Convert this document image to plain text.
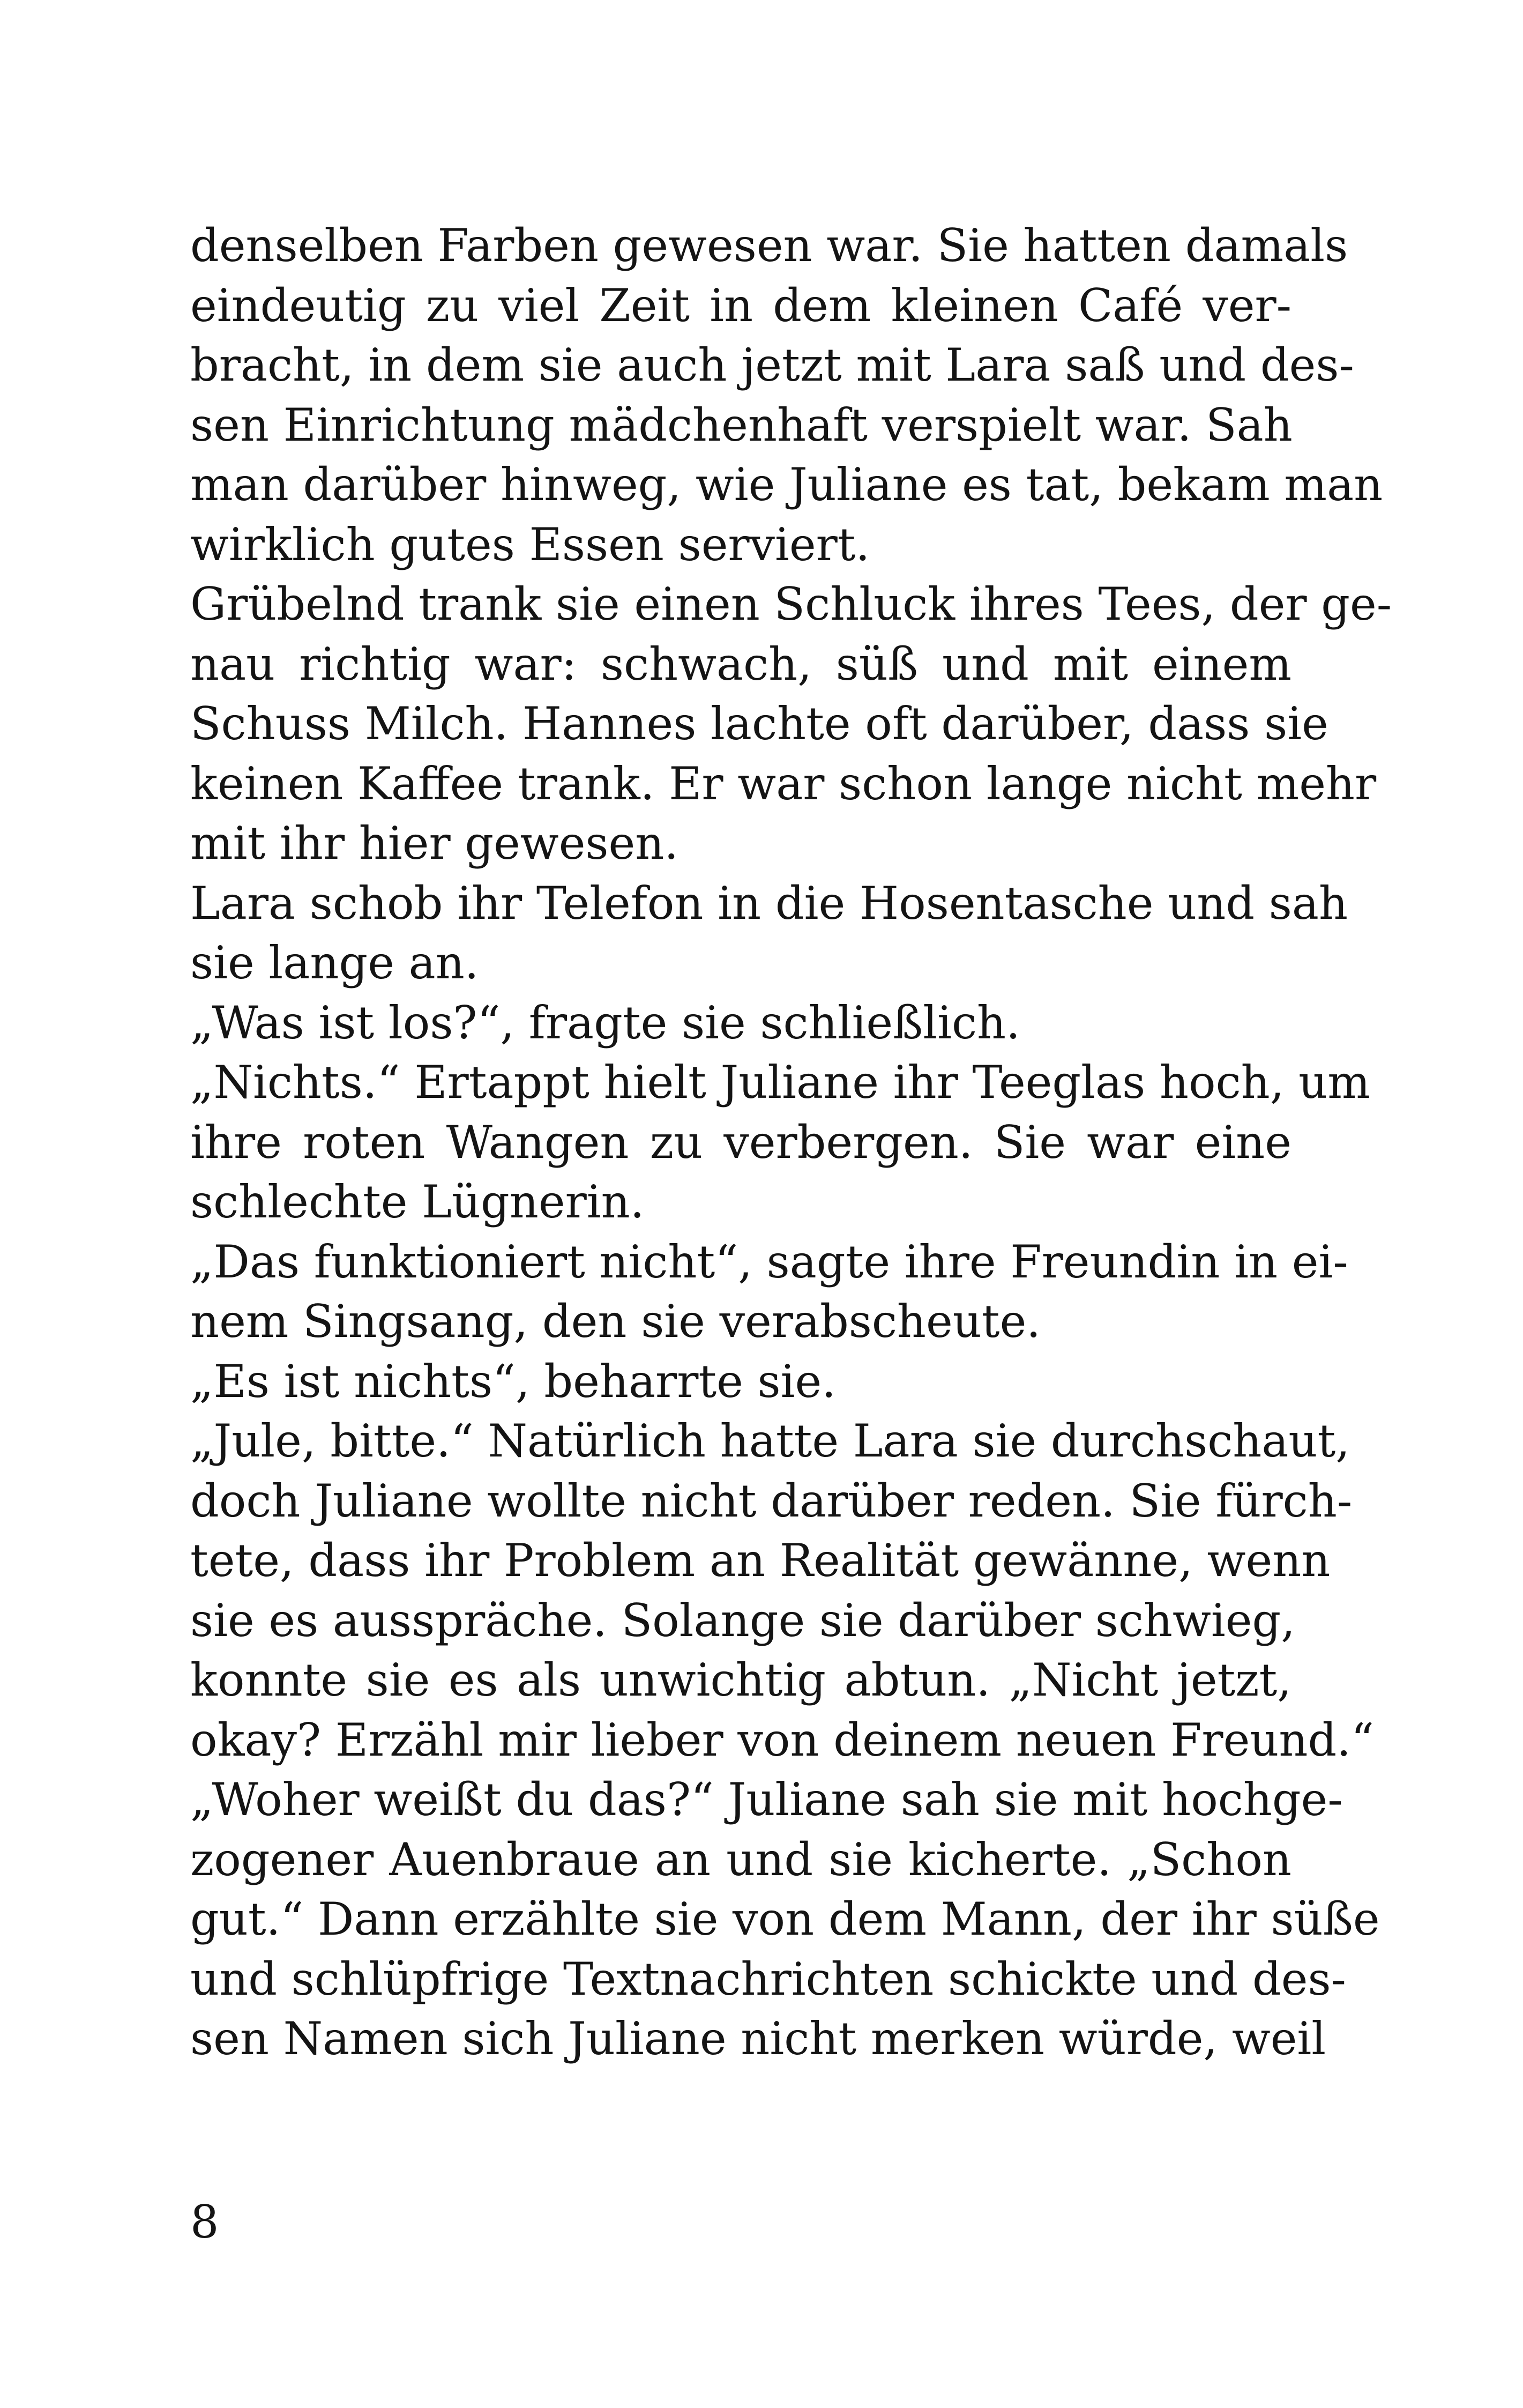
denselben Farben gewesen war. Sie hatten damals
eindeutig zu viel Zeit in dem kleinen Café ver-
bracht, in dem sie auch jetzt mit Lara saß und des-
sen Einrichtung mädchenhaft verspielt war. Sah
man darüber hinweg, wie Juliane es tat, bekam man
wirklich gutes Essen serviert.
Grübelnd trank sie einen Schluck ihres Tees, der ge-
nau richtig war: schwach, süß und mit einem
Schuss Milch. Hannes lachte oft darüber, dass sie
keinen Kaffee trank. Er war schon lange nicht mehr
mit ihr hier gewesen.
Lara schob ihr Telefon in die Hosentasche und sah
sie lange an.
„Was ist los?“, fragte sie schließlich.
„Nichts.“ Ertappt hielt Juliane ihr Teeglas hoch, um
ihre roten Wangen zu verbergen. Sie war eine
schlechte Lügnerin.
„Das funktioniert nicht“, sagte ihre Freundin in ei-
nem Singsang, den sie verabscheute.
„Es ist nichts“, beharrte sie.
„Jule, bitte.“ Natürlich hatte Lara sie durchschaut,
doch Juliane wollte nicht darüber reden. Sie fürch-
tete, dass ihr Problem an Realität gewänne, wenn
sie es ausspräche. Solange sie darüber schwieg,
konnte sie es als unwichtig abtun. „Nicht jetzt,
okay? Erzähl mir lieber von deinem neuen Freund.“
„Woher weißt du das?“ Juliane sah sie mit hochge-
zogener Auenbraue an und sie kicherte. „Schon
gut.“ Dann erzählte sie von dem Mann, der ihr süße
und schlüpfrige Textnachrichten schickte und des-
sen Namen sich Juliane nicht merken würde, weil
8
